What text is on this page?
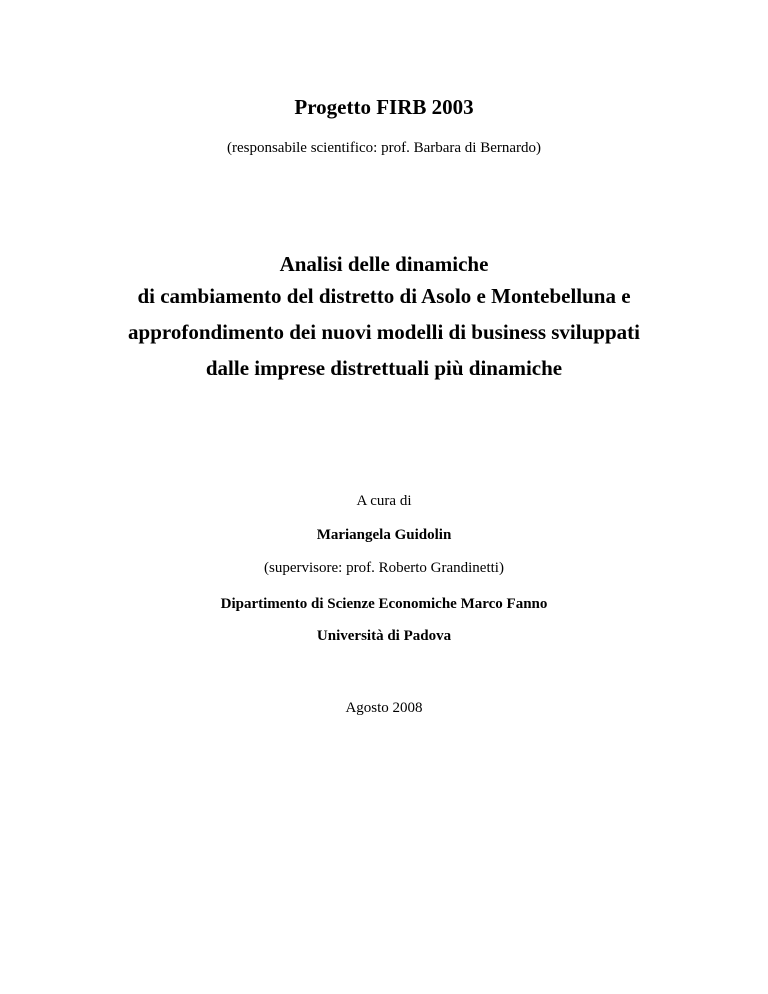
Progetto FIRB 2003
(responsabile scientifico: prof. Barbara di Bernardo)
Analisi delle dinamiche
di cambiamento del distretto di Asolo e Montebelluna e
approfondimento dei nuovi modelli di business sviluppati
dalle imprese distrettuali più dinamiche
A cura di
Mariangela Guidolin
(supervisore: prof. Roberto Grandinetti)
Dipartimento di Scienze Economiche Marco Fanno
Università di Padova
Agosto 2008
